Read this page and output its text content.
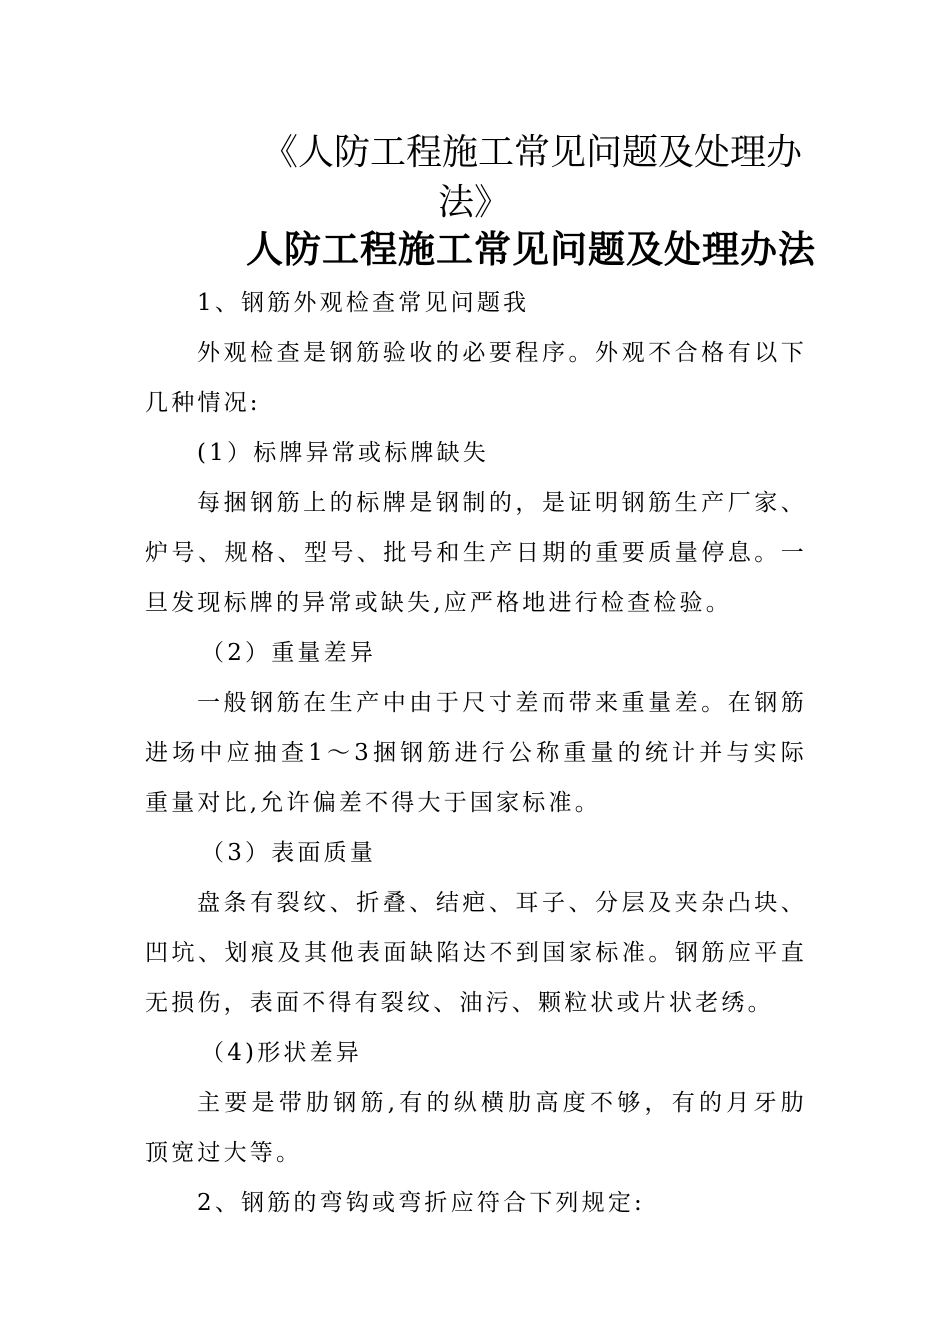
《人防工程施工常见问题及处理办
法》
人防工程施工常见问题及处理办法

1、钢筋外观检查常见问题我

外观检查是钢筋验收的必要程序。外观不合格有以下几种情况:

(1）标牌异常或标牌缺失

每捆钢筋上的标牌是钢制的，是证明钢筋生产厂家、炉号、规格、型号、批号和生产日期的重要质量停息。一旦发现标牌的异常或缺失,应严格地进行检查检验。

（2）重量差异

一般钢筋在生产中由于尺寸差而带来重量差。在钢筋进场中应抽查1～3捆钢筋进行公称重量的统计并与实际重量对比,允许偏差不得大于国家标准。

（3）表面质量

盘条有裂纹、折叠、结疤、耳子、分层及夹杂凸块、凹坑、划痕及其他表面缺陷达不到国家标准。钢筋应平直无损伤，表面不得有裂纹、油污、颗粒状或片状老绣。

（4)形状差异

主要是带肋钢筋,有的纵横肋高度不够，有的月牙肋顶宽过大等。

2、钢筋的弯钩或弯折应符合下列规定:
